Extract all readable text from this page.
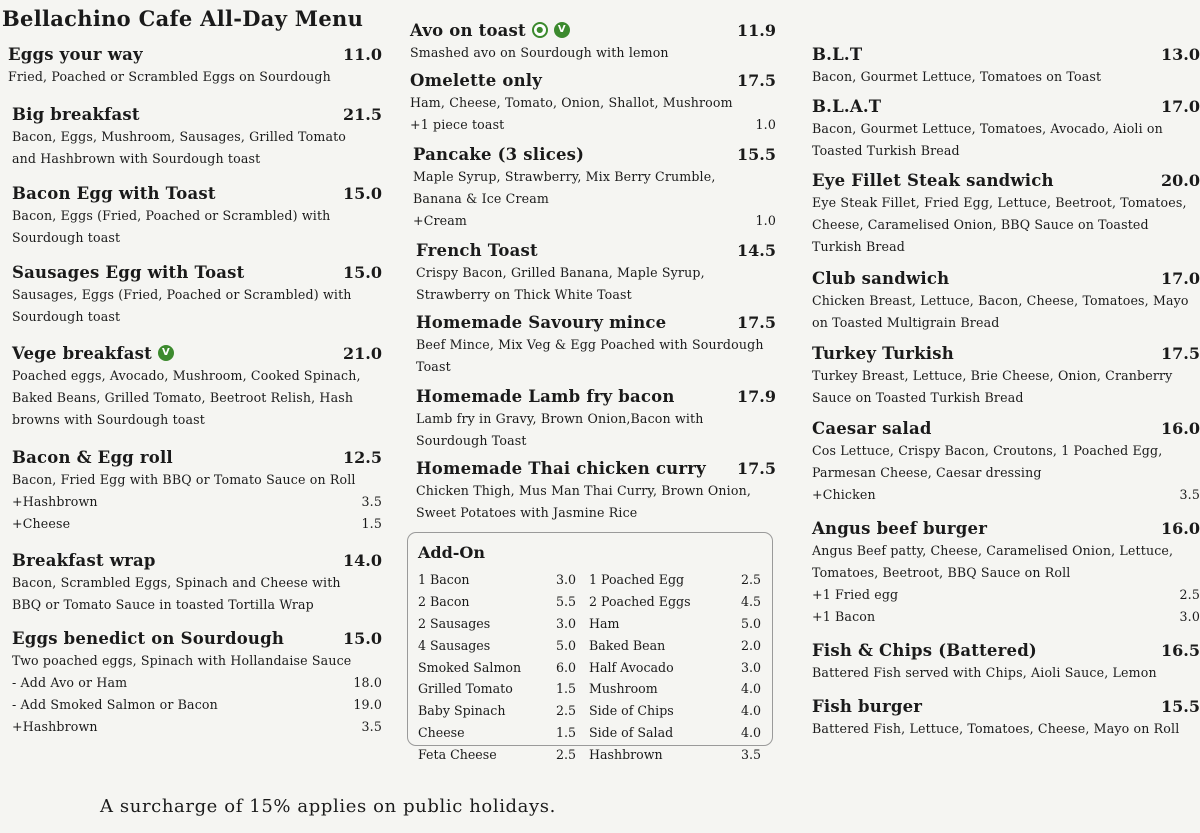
Bellachino Cafe All-Day Menu
Eggs your way	11.0
Fried, Poached or Scrambled Eggs on Sourdough
Big breakfast	21.5
Bacon, Eggs, Mushroom, Sausages, Grilled Tomato
and Hashbrown with Sourdough toast
Bacon Egg with Toast	15.0
Bacon, Eggs (Fried, Poached or Scrambled) with
Sourdough toast
Sausages Egg with Toast	15.0
Sausages, Eggs (Fried, Poached or Scrambled) with
Sourdough toast
Vege breakfast	V	21.0
Poached eggs, Avocado, Mushroom, Cooked Spinach,
Baked Beans, Grilled Tomato, Beetroot Relish, Hash
browns with Sourdough toast
Bacon & Egg roll	12.5
Bacon, Fried Egg with BBQ or Tomato Sauce on Roll
+Hashbrown	3.5
+Cheese	1.5
Breakfast wrap	14.0
Bacon, Scrambled Eggs, Spinach and Cheese with
BBQ or Tomato Sauce in toasted Tortilla Wrap
Eggs benedict on Sourdough	15.0
Two poached eggs, Spinach with Hollandaise Sauce
- Add Avo or Ham	18.0
- Add Smoked Salmon or Bacon	19.0
+Hashbrown	3.5
Avo on toast	●	V	11.9
Smashed avo on Sourdough with lemon
Omelette only	17.5
Ham, Cheese, Tomato, Onion, Shallot, Mushroom
+1 piece toast	1.0
Pancake (3 slices)	15.5
Maple Syrup, Strawberry, Mix Berry Crumble,
Banana & Ice Cream
+Cream	1.0
French Toast	14.5
Crispy Bacon, Grilled Banana, Maple Syrup,
Strawberry on Thick White Toast
Homemade Savoury mince	17.5
Beef Mince, Mix Veg & Egg Poached with Sourdough
Toast
Homemade Lamb fry bacon	17.9
Lamb fry in Gravy, Brown Onion,Bacon with
Sourdough Toast
Homemade Thai chicken curry 17.5
Chicken Thigh, Mus Man Thai Curry, Brown Onion,
Sweet Potatoes with Jasmine Rice
B.L.T	13.0
Bacon, Gourmet Lettuce, Tomatoes on Toast
B.L.A.T	17.0
Bacon, Gourmet Lettuce, Tomatoes, Avocado, Aioli on
Toasted Turkish Bread
Eye Fillet Steak sandwich	20.0
Eye Steak Fillet, Fried Egg, Lettuce, Beetroot, Tomatoes,
Cheese, Caramelised Onion, BBQ Sauce on Toasted
Turkish Bread
Club sandwich	17.0
Chicken Breast, Lettuce, Bacon, Cheese, Tomatoes, Mayo
on Toasted Multigrain Bread
Turkey Turkish	17.5
Turkey Breast, Lettuce, Brie Cheese, Onion, Cranberry
Sauce on Toasted Turkish Bread
Caesar salad	16.0
Cos Lettuce, Crispy Bacon, Croutons, 1 Poached Egg,
Parmesan Cheese, Caesar dressing
+Chicken	3.5
Angus beef burger	16.0
Angus Beef patty, Cheese, Caramelised Onion, Lettuce,
Tomatoes, Beetroot, BBQ Sauce on Roll
+1 Fried egg	2.5
+1 Bacon	3.0
Fish & Chips (Battered)	16.5
Battered Fish served with Chips, Aioli Sauce, Lemon
Fish burger	15.5
Battered Fish, Lettuce, Tomatoes, Cheese, Mayo on Roll
Add-On
1 Bacon	3.0
2 Bacon	5.5
2 Sausages	3.0
4 Sausages	5.0
Smoked Salmon	6.0
Grilled Tomato	1.5
Baby Spinach	2.5
Cheese	1.5
Feta Cheese	2.5
1 Poached Egg	2.5
2 Poached Eggs	4.5
Ham	5.0
Baked Bean	2.0
Half Avocado	3.0
Mushroom	4.0
Side of Chips	4.0
Side of Salad	4.0
Hashbrown	3.5
A surcharge of 15% applies on public holidays.
